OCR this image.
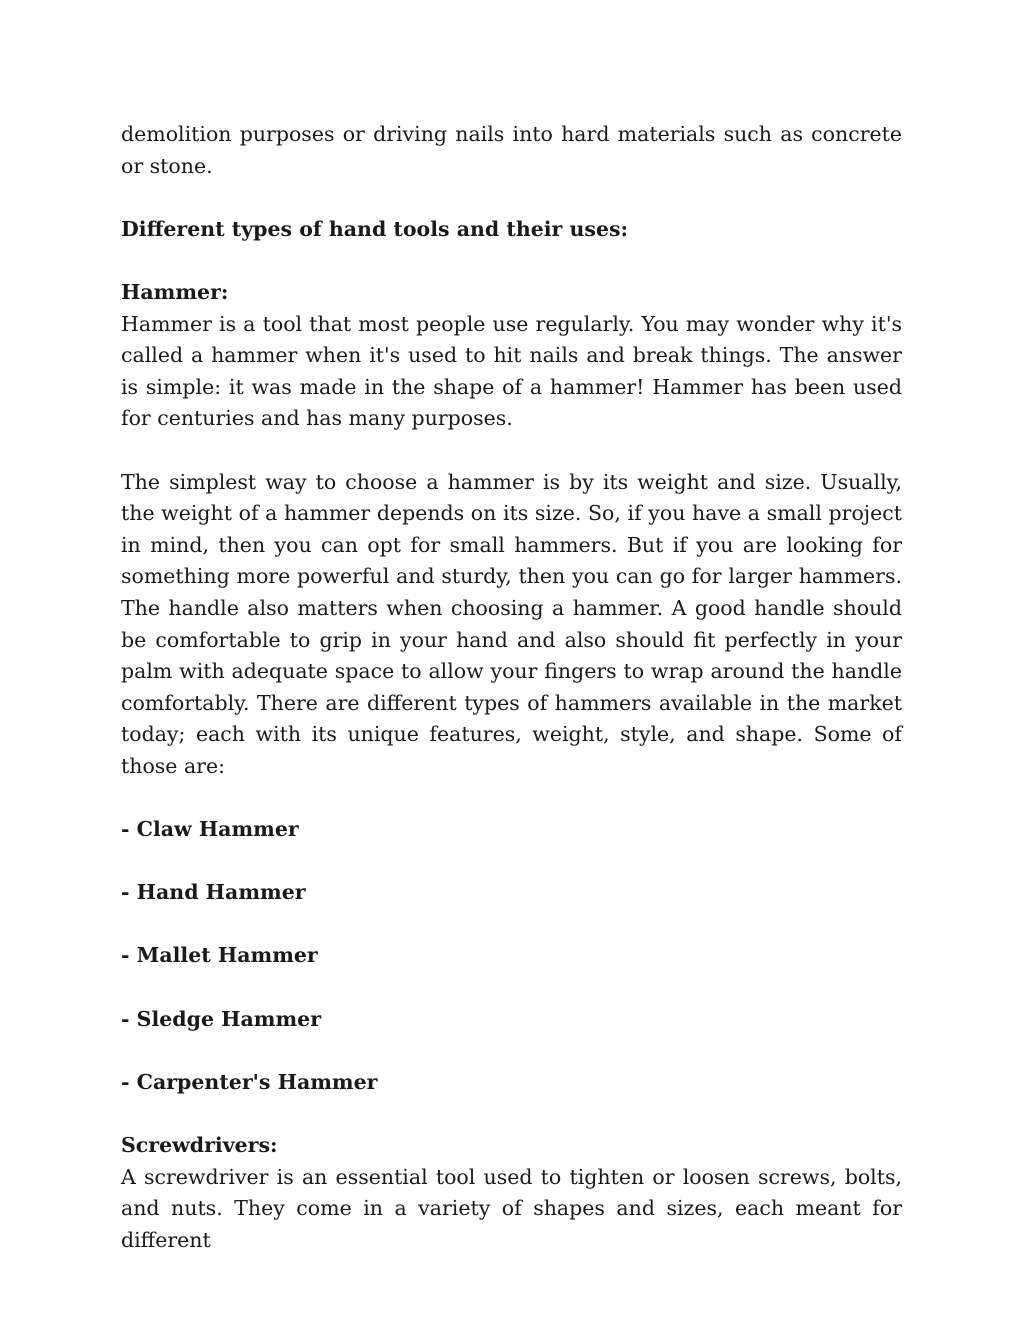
demolition purposes or driving nails into hard materials such as concrete or stone.

Different types of hand tools and their uses:

Hammer:

Hammer is a tool that most people use regularly. You may wonder why it's called a hammer when it's used to hit nails and break things. The answer is simple: it was made in the shape of a hammer! Hammer has been used for centuries and has many purposes.

The simplest way to choose a hammer is by its weight and size. Usually, the weight of a hammer depends on its size. So, if you have a small project in mind, then you can opt for small hammers. But if you are looking for something more powerful and sturdy, then you can go for larger hammers. The handle also matters when choosing a hammer. A good handle should be comfortable to grip in your hand and also should fit perfectly in your palm with adequate space to allow your fingers to wrap around the handle comfortably. There are different types of hammers available in the market today; each with its unique features, weight, style, and shape. Some of those are:

- Claw Hammer

- Hand Hammer

- Mallet Hammer

- Sledge Hammer

- Carpenter's Hammer

Screwdrivers:

A screwdriver is an essential tool used to tighten or loosen screws, bolts, and nuts. They come in a variety of shapes and sizes, each meant for different
